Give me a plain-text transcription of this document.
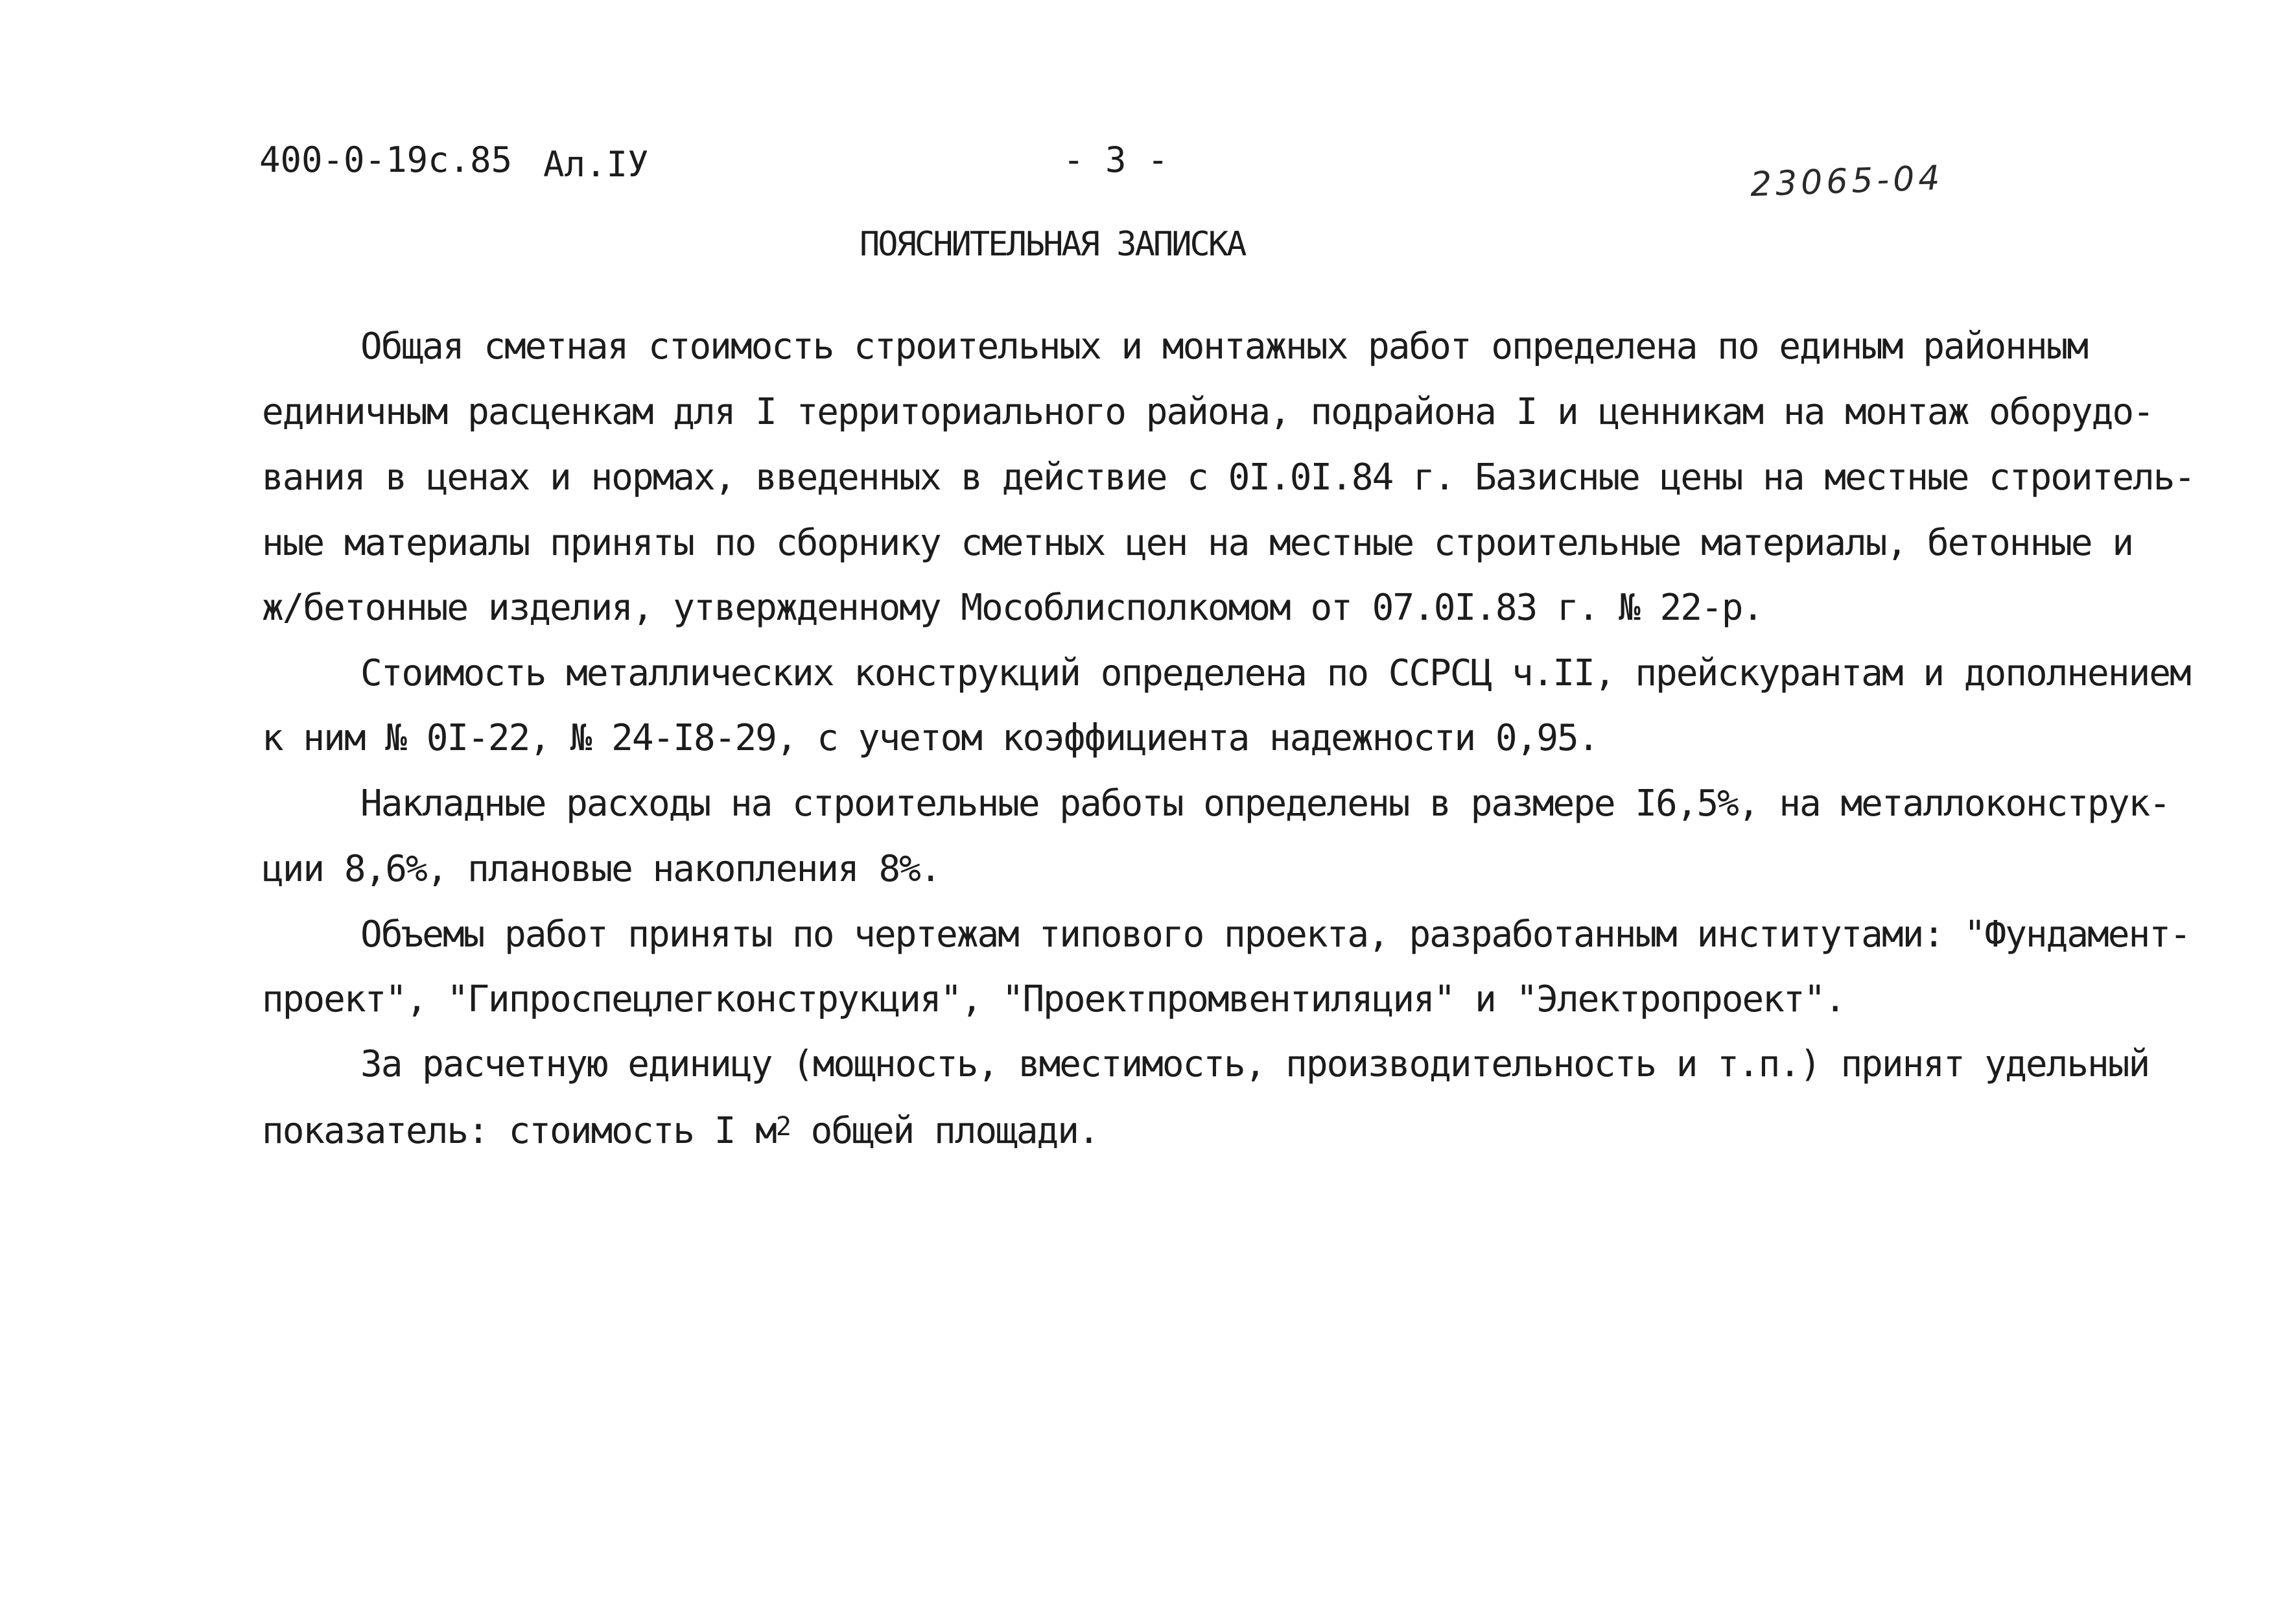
400-0-19с.85 Ал.IУ	- 3 -	23065-04
ПОЯСНИТЕЛЬНАЯ ЗАПИСКА
Общая сметная стоимость строительных и монтажных работ определена по единым районным
единичным расценкам для I территориального района, подрайона I и ценникам на монтаж оборудо-
вания в ценах и нормах, введенных в действие с 0I.0I.84 г. Базисные цены на местные строитель-
ные материалы приняты по сборнику сметных цен на местные строительные материалы, бетонные и
ж/бетонные изделия, утвержденному Мособлисполкомом от 07.0I.83 г. № 22-р.
Стоимость металлических конструкций определена по ССРСЦ ч.II, прейскурантам и дополнением
к ним № 0I-22, № 24-I8-29, с учетом коэффициента надежности 0,95.
Накладные расходы на строительные работы определены в размере I6,5%, на металлоконструк-
ции 8,6%, плановые накопления 8%.
Объемы работ приняты по чертежам типового проекта, разработанным институтами: "Фундамент-
проект", "Гипроспецлегконструкция", "Проектпромвентиляция" и "Электропроект".
За расчетную единицу (мощность, вместимость, производительность и т.п.) принят удельный
показатель: стоимость I $м^2$ общей площади.
